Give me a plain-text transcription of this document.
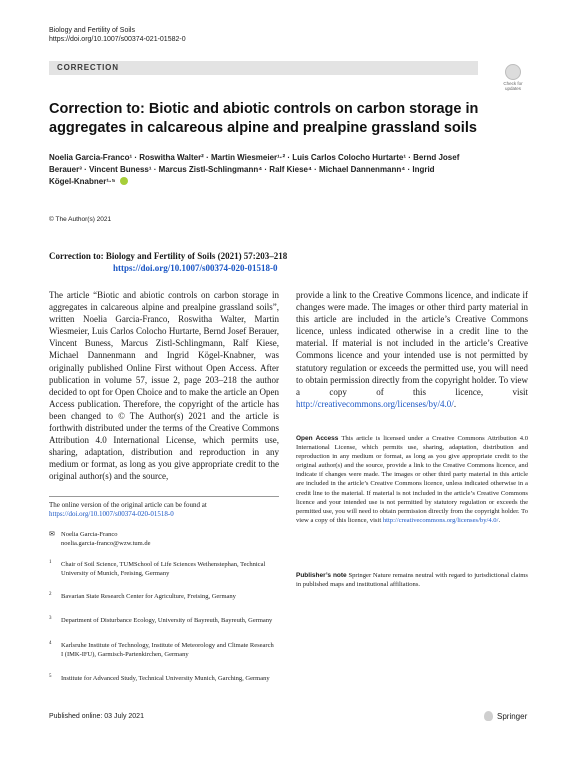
Biology and Fertility of Soils
https://doi.org/10.1007/s00374-021-01582-0
CORRECTION
Check for
updates
Correction to: Biotic and abiotic controls on carbon storage in aggregates in calcareous alpine and prealpine grassland soils
Noelia Garcia‑Franco¹ · Roswitha Walter² · Martin Wiesmeier¹·² · Luis Carlos Colocho Hurtarte¹ · Bernd Josef Berauer³ · Vincent Buness¹ · Marcus Zistl‑Schlingmann⁴ · Ralf Kiese⁴ · Michael Dannenmann⁴ · Ingrid Kögel‑Knabner¹·⁵
© The Author(s) 2021
Correction to: Biology and Fertility of Soils (2021) 57:203–218
https://doi.org/10.1007/s00374-020-01518-0

The article “Biotic and abiotic controls on carbon storage in aggregates in calcareous alpine and prealpine grassland soils”, written Noelia Garcia‑Franco, Roswitha Walter, Martin Wiesmeier, Luis Carlos Colocho Hurtarte, Bernd Josef Berauer, Vincent Buness, Marcus Zistl‑Schlingmann, Ralf Kiese, Michael Dannenmann and Ingrid Kögel‑Knabner, was originally published Online First without Open Access. After publication in volume 57, issue 2, page 203–218 the author decided to opt for Open Choice and to make the article an Open Access publication. Therefore, the copyright of the article has been changed to © The Author(s) 2021 and the article is forthwith distributed under the terms of the Creative Commons Attribution 4.0 International License, which permits use, sharing, adaptation, distribution and reproduction in any medium or format, as long as you give appropriate credit to the original author(s) and the source,

provide a link to the Creative Commons licence, and indicate if changes were made. The images or other third party material in this article are included in the article’s Creative Commons licence, unless indicated otherwise in a credit line to the material. If material is not included in the article’s Creative Commons licence and your intended use is not permitted by statutory regulation or exceeds the permitted use, you will need to obtain permission directly from the copyright holder. To view a copy of this licence, visit http://creativecommons.org/licenses/by/4.0/.

The online version of the original article can be found at https://doi.org/10.1007/s00374-020-01518-0
✉ Noelia Garcia‑Franco
noelia.garcia-franco@wzw.tum.de
1 Chair of Soil Science, TUMSchool of Life Sciences Weihenstephan, Technical University of Munich, Freising, Germany
2 Bavarian State Research Center for Agriculture, Freising, Germany
3 Department of Disturbance Ecology, University of Bayreuth, Bayreuth, Germany
4 Karlsruhe Institute of Technology, Institute of Meteorology and Climate Research I (IMK-IFU), Garmisch-Partenkirchen, Germany
5 Institute for Advanced Study, Technical University Munich, Garching, Germany
Open Access This article is licensed under a Creative Commons Attribution 4.0 International License, which permits use, sharing, adaptation, distribution and reproduction in any medium or format, as long as you give appropriate credit to the original author(s) and the source, provide a link to the Creative Commons licence, and indicate if changes were made. The images or other third party material in this article are included in the article’s Creative Commons licence, unless indicated otherwise in a credit line to the material. If material is not included in the article’s Creative Commons licence and your intended use is not permitted by statutory regulation or exceeds the permitted use, you will need to obtain permission directly from the copyright holder. To view a copy of this licence, visit http://creativecommons.org/licenses/by/4.0/.
Publisher’s note Springer Nature remains neutral with regard to jurisdictional claims in published maps and institutional affiliations.
Published online: 03 July 2021	Springer
